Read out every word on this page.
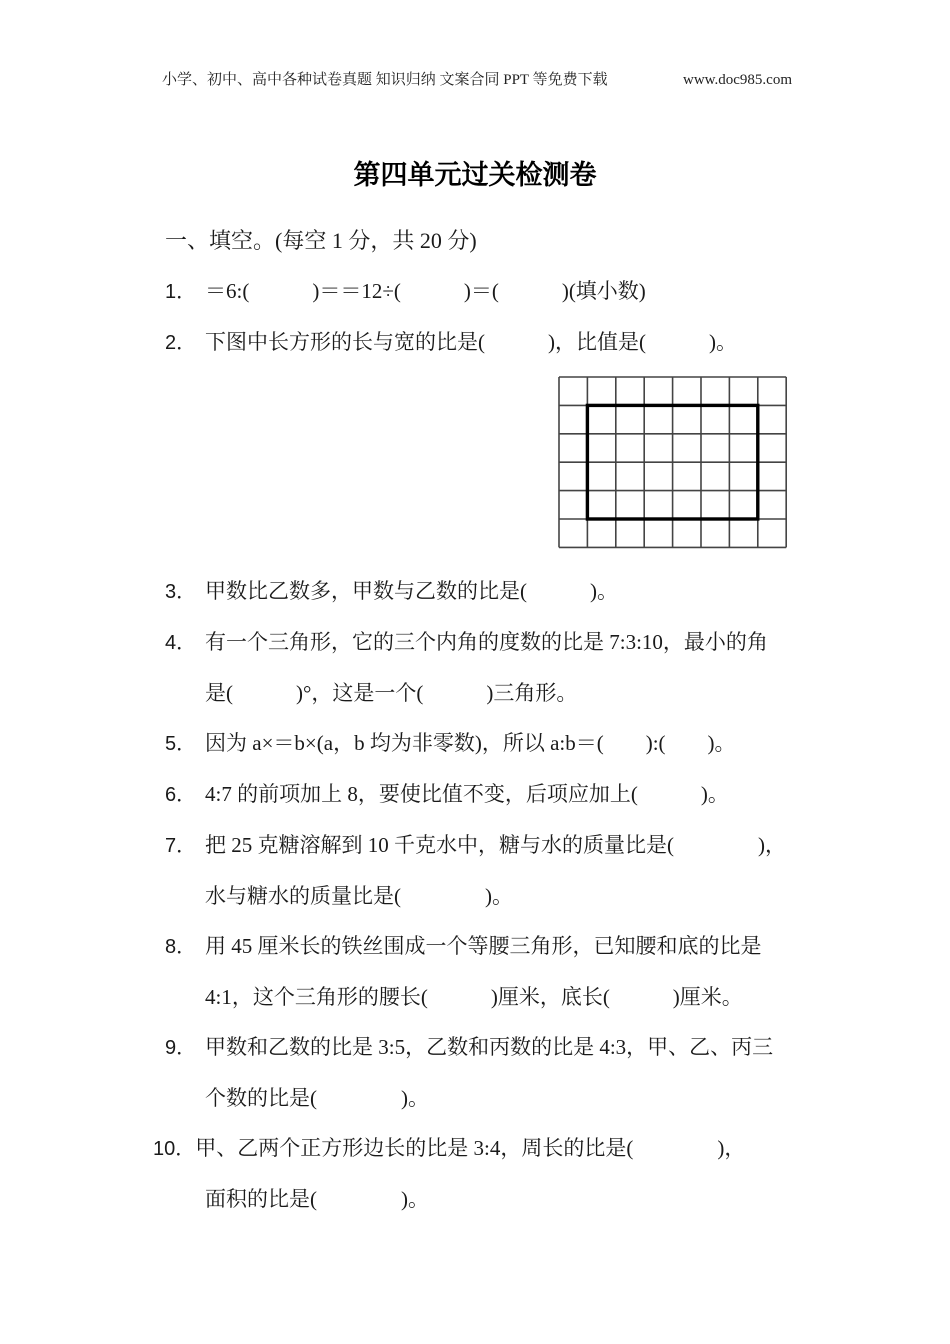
小学、初中、高中各种试卷真题 知识归纳 文案合同 PPT 等免费下载	www.doc985.com
第四单元过关检测卷
一、填空。(每空 1 分，共 20 分)
1． ＝6:(　　　)＝＝12÷(　　　)＝(　　　)(填小数)
2． 下图中长方形的长与宽的比是(　　　)，比值是(　　　)。
3． 甲数比乙数多，甲数与乙数的比是(　　　)。
4． 有一个三角形，它的三个内角的度数的比是 7:3:10，最小的角
是(　　　)°，这是一个(　　　)三角形。
5． 因为 a×＝b×(a，b 均为非零数)，所以 a:b＝(　　):(　　)。
6． 4:7 的前项加上 8，要使比值不变，后项应加上(　　　)。
7． 把 25 克糖溶解到 10 千克水中，糖与水的质量比是(　　　　)，
水与糖水的质量比是(　　　　)。
8． 用 45 厘米长的铁丝围成一个等腰三角形，已知腰和底的比是
4:1，这个三角形的腰长(　　　)厘米，底长(　　　)厘米。
9． 甲数和乙数的比是 3:5，乙数和丙数的比是 4:3，甲、乙、丙三
个数的比是(　　　　)。
10．甲、乙两个正方形边长的比是 3:4，周长的比是(　　　　)，
面积的比是(　　　　)。
